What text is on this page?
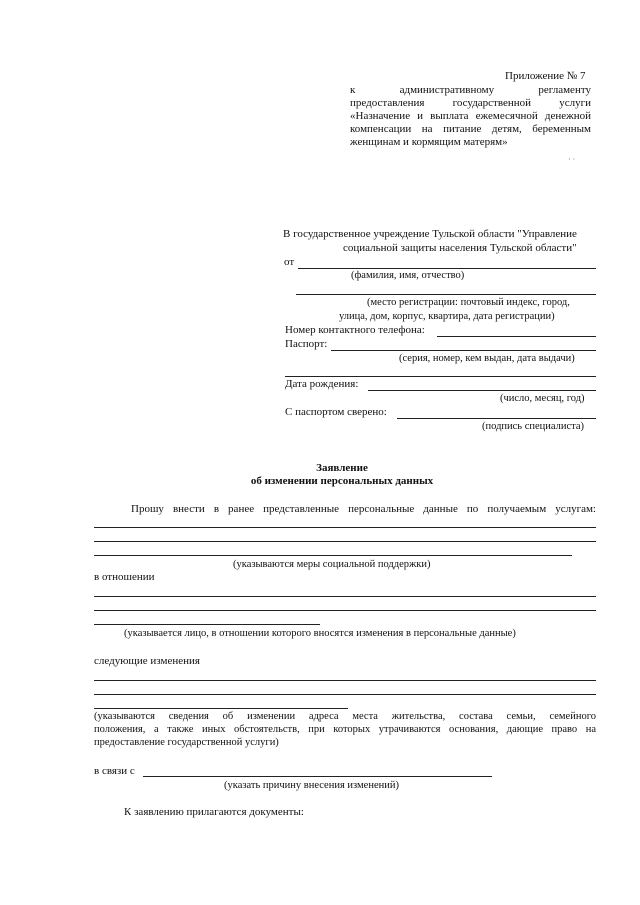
Приложение № 7
к административному регламенту
предоставления государственной услуги
«Назначение и выплата ежемесячной денежной
компенсации на питание детям, беременным
женщинам и кормящим матерям»
· ·
В государственное учреждение Тульской области "Управление
социальной защиты населения Тульской области"
от
(фамилия, имя, отчество)
(место регистрации: почтовый индекс, город,
улица, дом, корпус, квартира, дата регистрации)
Номер контактного телефона:
Паспорт:
(серия, номер, кем выдан, дата выдачи)
Дата рождения:
(число, месяц, год)
С паспортом сверено:
(подпись специалиста)
Заявление
об изменении персональных данных
Прошу внести в ранее представленные персональные данные по получаемым услугам:
(указываются меры социальной поддержки)
в отношении
(указывается лицо, в отношении которого вносятся изменения в персональные данные)
следующие изменения
(указываются сведения об изменении адреса места жительства, состава семьи, семейного
положения, а также иных обстоятельств, при которых утрачиваются основания, дающие право на
предоставление государственной услуги)
в связи с
(указать причину внесения изменений)
К заявлению прилагаются документы:
